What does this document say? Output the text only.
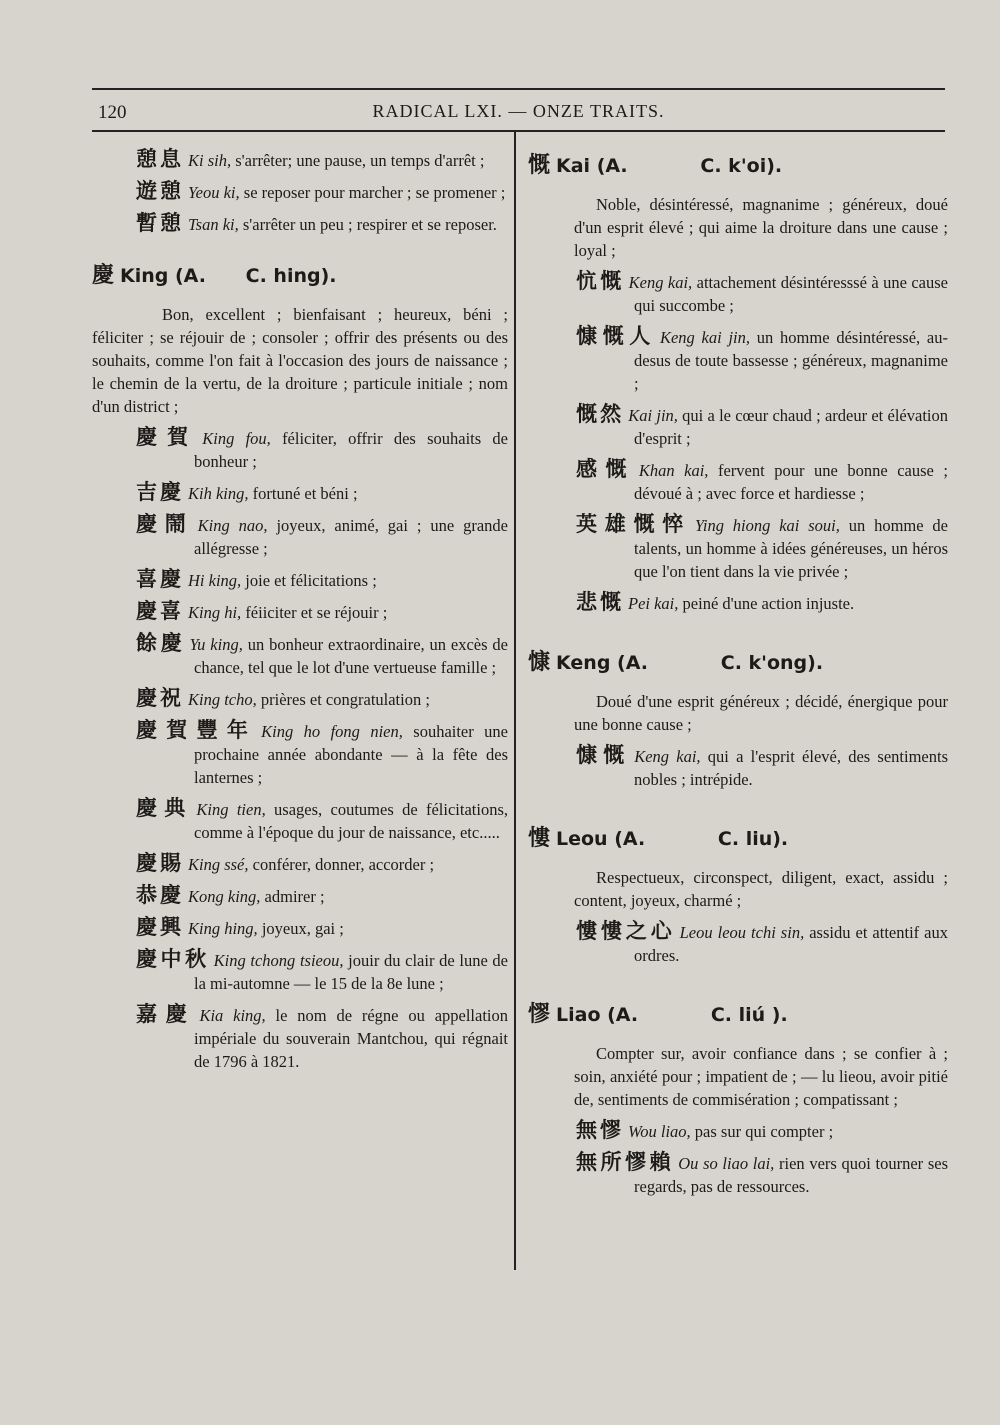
120	RADICAL LXI. — ONZE TRAITS.
憩息 Ki sih, s'arrêter; une pause, un temps d'arrêt ;
遊憩 Yeou ki, se reposer pour marcher ; se promener ;
暫憩 Tsan ki, s'arrêter un peu ; respirer et se reposer.
慶 King (A.      C. hing).

Bon, excellent ; bienfaisant ; heureux, béni ; féliciter ; se réjouir de ; consoler ; offrir des présents ou des souhaits, comme l'on fait à l'occasion des jours de naissance ; le chemin de la vertu, de la droiture ; particule initiale ; nom d'un district ;

慶賀 King fou, féliciter, offrir des souhaits de bonheur ;
吉慶 Kih king, fortuné et béni ;
慶鬧 King nao, joyeux, animé, gai ; une grande allégresse ;
喜慶 Hi king, joie et félicitations ;
慶喜 King hi, féiiciter et se réjouir ;
餘慶 Yu king, un bonheur extraordinaire, un excès de chance, tel que le lot d'une vertueuse famille ;
慶祝 King tcho, prières et congratulation ;
慶賀豐年 King ho fong nien, souhaiter une prochaine année abondante — à la fête des lanternes ;
慶典 King tien, usages, coutumes de félicitations, comme à l'époque du jour de naissance, etc.....
慶賜 King ssé, conférer, donner, accorder ;
恭慶 Kong king, admirer ;
慶興 King hing, joyeux, gai ;
慶中秋 King tchong tsieou, jouir du clair de lune de la mi-automne — le 15 de la 8e lune ;
嘉慶 Kia king, le nom de régne ou appellation impériale du souverain Mantchou, qui régnait de 1796 à 1821.
慨 Kai (A.           C. k'oi).

Noble, désintéressé, magnanime ; généreux, doué d'un esprit élevé ; qui aime la droiture dans une cause ; loyal ;

忼慨 Keng kai, attachement désintéresssé à une cause qui succombe ;
慷慨人 Keng kai jin, un homme désintéressé, au-desus de toute bassesse ; généreux, magnanime ;
慨然 Kai jin, qui a le cœur chaud ; ardeur et élévation d'esprit ;
感慨 Khan kai, fervent pour une bonne cause ; dévoué à ; avec force et hardiesse ;
英雄慨悴 Ying hiong kai soui, un homme de talents, un homme à idées généreuses, un héros que l'on tient dans la vie privée ;
悲慨 Pei kai, peiné d'une action injuste.
慷 Keng (A.           C. k'ong).

Doué d'une esprit généreux ; décidé, énergique pour une bonne cause ;

慷慨 Keng kai, qui a l'esprit élevé, des sentiments nobles ; intrépide.
慺 Leou (A.           C. liu).

Respectueux, circonspect, diligent, exact, assidu ; content, joyeux, charmé ;

慺慺之心 Leou leou tchi sin, assidu et attentif aux ordres.
憀 Liao (A.           C. liú ).

Compter sur, avoir confiance dans ; se confier à ; soin, anxiété pour ; impatient de ; — lu lieou, avoir pitié de, sentiments de commisération ; compatissant ;

無憀 Wou liao, pas sur qui compter ;
無所憀賴 Ou so liao lai, rien vers quoi tourner ses regards, pas de ressources.
